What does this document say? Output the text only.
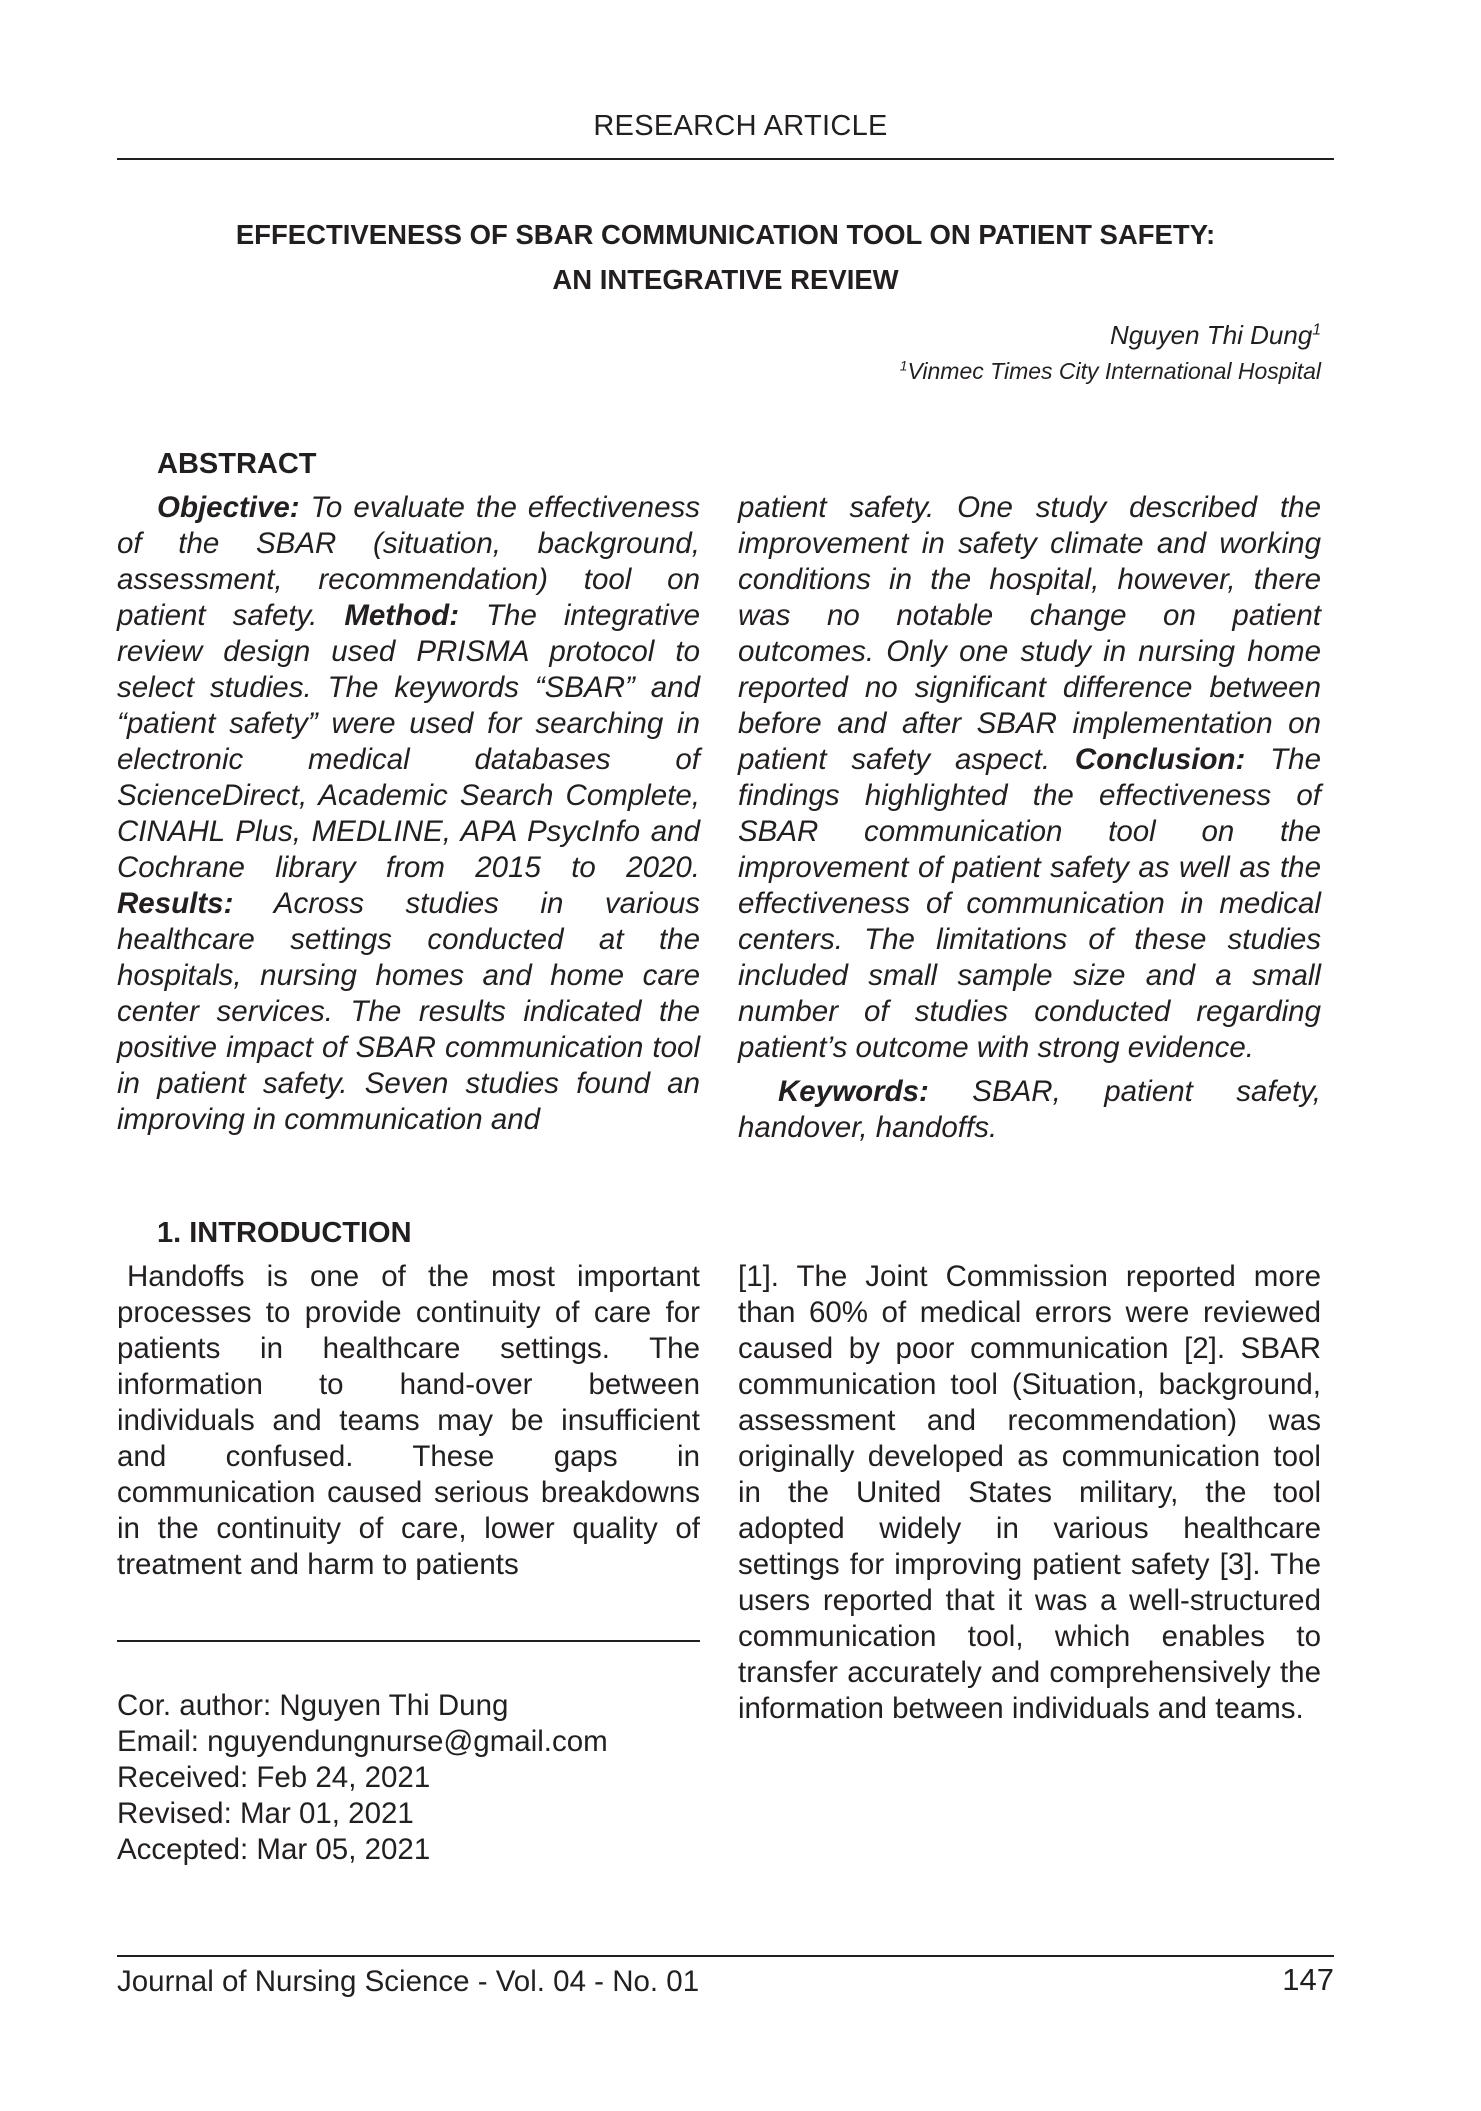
RESEARCH ARTICLE
EFFECTIVENESS OF SBAR COMMUNICATION TOOL ON PATIENT SAFETY:
AN INTEGRATIVE REVIEW
Nguyen Thi Dung$^1$
$^1$Vinmec Times City International Hospital
ABSTRACT

Objective: To evaluate the effectiveness of the SBAR (situation, background, assessment, recommendation) tool on patient safety. Method: The integrative review design used PRISMA protocol to select studies. The keywords “SBAR” and “patient safety” were used for searching in electronic medical databases of ScienceDirect, Academic Search Complete, CINAHL Plus, MEDLINE, APA PsycInfo and Cochrane library from 2015 to 2020. Results: Across studies in various healthcare settings conducted at the hospitals, nursing homes and home care center services. The results indicated the positive impact of SBAR communication tool in patient safety. Seven studies found an improving in communication and

patient safety. One study described the improvement in safety climate and working conditions in the hospital, however, there was no notable change on patient outcomes. Only one study in nursing home reported no significant difference between before and after SBAR implementation on patient safety aspect. Conclusion: The findings highlighted the effectiveness of SBAR communication tool on the improvement of patient safety as well as the effectiveness of communication in medical centers. The limitations of these studies included small sample size and a small number of studies conducted regarding patient’s outcome with strong evidence.

Keywords: SBAR, patient safety, handover, handoffs.

1. INTRODUCTION

Handoffs is one of the most important processes to provide continuity of care for patients in healthcare settings. The information to hand-over between individuals and teams may be insufficient and confused. These gaps in communication caused serious breakdowns in the continuity of care, lower quality of treatment and harm to patients

[1]. The Joint Commission reported more than 60% of medical errors were reviewed caused by poor communication [2]. SBAR communication tool (Situation, background, assessment and recommendation) was originally developed as communication tool in the United States military, the tool adopted widely in various healthcare settings for improving patient safety [3]. The users reported that it was a well-structured communication tool, which enables to transfer accurately and comprehensively the information between individuals and teams.

Cor. author: Nguyen Thi Dung
Email: nguyendungnurse@gmail.com
Received: Feb 24, 2021
Revised: Mar 01, 2021
Accepted: Mar 05, 2021
Journal of Nursing Science - Vol. 04 - No. 01	147
